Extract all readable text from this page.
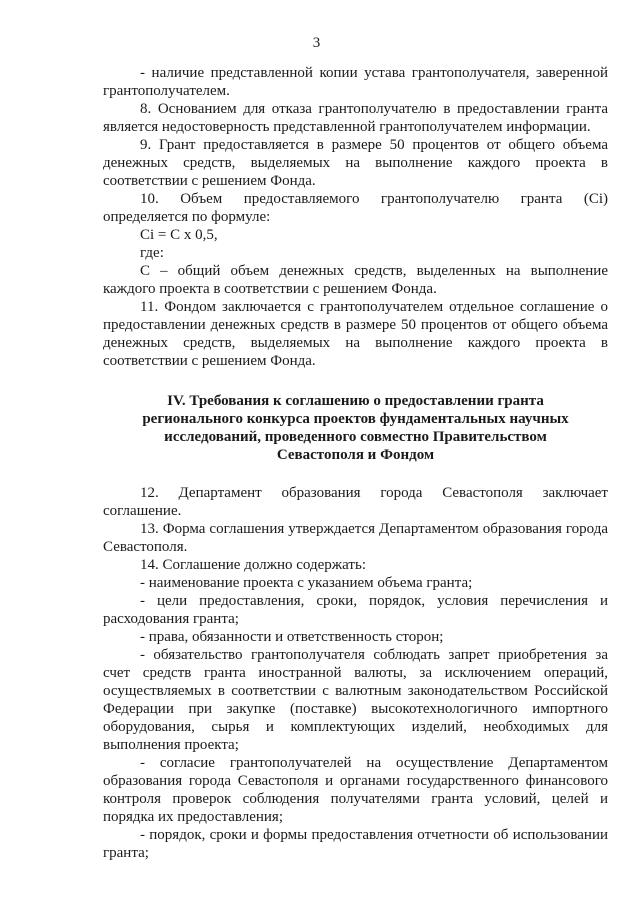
3
- наличие представленной копии устава грантополучателя, заверенной грантополучателем.
8. Основанием для отказа грантополучателю в предоставлении гранта является недостоверность представленной грантополучателем информации.
9. Грант предоставляется в размере 50 процентов от общего объема денежных средств, выделяемых на выполнение каждого проекта в соответствии с решением Фонда.
10. Объем предоставляемого грантополучателю гранта (Ci) определяется по формуле:
Ci = C x 0,5,
где:
С – общий объем денежных средств, выделенных на выполнение каждого проекта в соответствии с решением Фонда.
11. Фондом заключается с грантополучателем отдельное соглашение о предоставлении денежных средств в размере 50 процентов от общего объема денежных средств, выделяемых на выполнение каждого проекта в соответствии с решением Фонда.
IV. Требования к соглашению о предоставлении гранта
регионального конкурса проектов фундаментальных научных
исследований, проведенного совместно Правительством
Севастополя и Фондом
12. Департамент образования города Севастополя заключает соглашение.
13. Форма соглашения утверждается Департаментом образования города Севастополя.
14. Соглашение должно содержать:
- наименование проекта с указанием объема гранта;
- цели предоставления, сроки, порядок, условия перечисления и расходования гранта;
- права, обязанности и ответственность сторон;
- обязательство грантополучателя соблюдать запрет приобретения за счет средств гранта иностранной валюты, за исключением операций, осуществляемых в соответствии с валютным законодательством Российской Федерации при закупке (поставке) высокотехнологичного импортного оборудования, сырья и комплектующих изделий, необходимых для выполнения проекта;
- согласие грантополучателей на осуществление Департаментом образования города Севастополя и органами государственного финансового контроля проверок соблюдения получателями гранта условий, целей и порядка их предоставления;
- порядок, сроки и формы предоставления отчетности об использовании гранта;
